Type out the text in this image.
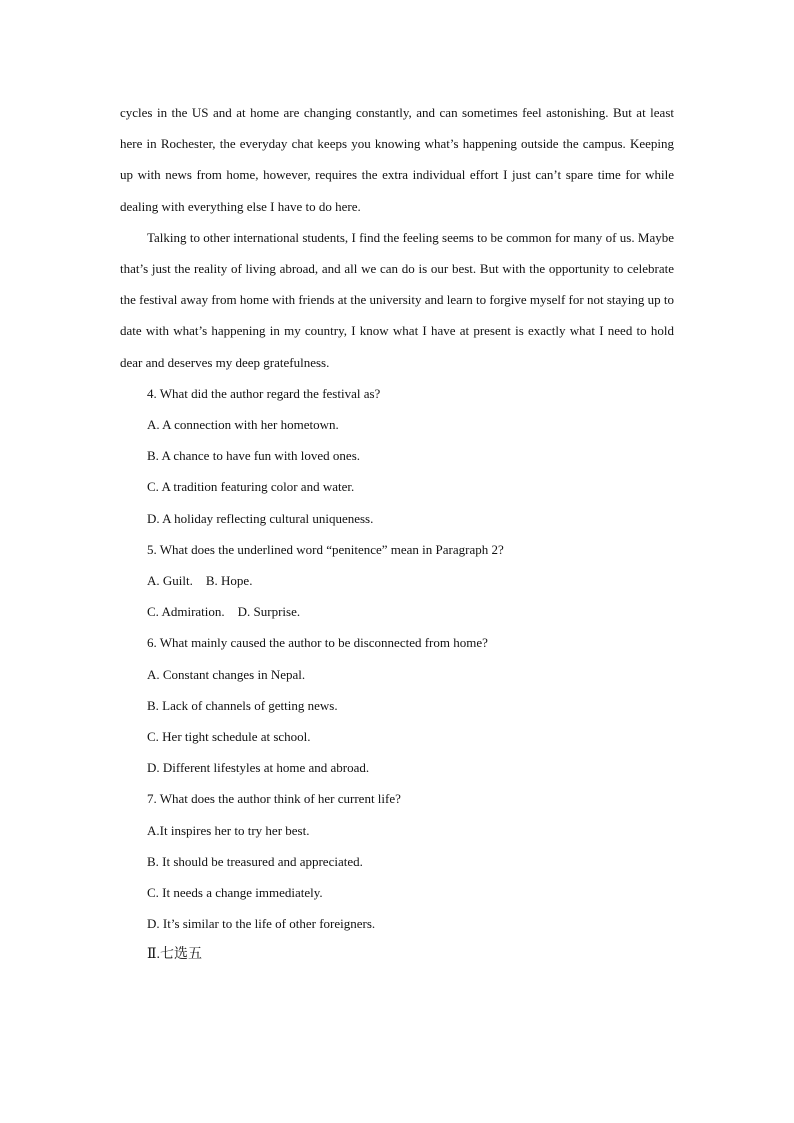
cycles in the US and at home are changing constantly, and can sometimes feel astonishing. But at least here in Rochester, the everyday chat keeps you knowing what’s happening outside the campus. Keeping up with news from home, however, requires the extra individual effort I just can’t spare time for while dealing with everything else I have to do here.

Talking to other international students, I find the feeling seems to be common for many of us. Maybe that’s just the reality of living abroad, and all we can do is our best. But with the opportunity to celebrate the festival away from home with friends at the university and learn to forgive myself for not staying up to date with what’s happening in my country, I know what I have at present is exactly what I need to hold dear and deserves my deep gratefulness.

4. What did the author regard the festival as?

A. A connection with her hometown.

B. A chance to have fun with loved ones.

C. A tradition featuring color and water.

D. A holiday reflecting cultural uniqueness.

5. What does the underlined word “penitence” mean in Paragraph 2?

A. Guilt.    B. Hope.

C. Admiration.    D. Surprise.

6. What mainly caused the author to be disconnected from home?

A. Constant changes in Nepal.

B. Lack of channels of getting news.

C. Her tight schedule at school.

D. Different lifestyles at home and abroad.

7. What does the author think of her current life?

A.It inspires her to try her best.

B. It should be treasured and appreciated.

C. It needs a change immediately.

D. It’s similar to the life of other foreigners.

Ⅱ.七选五
